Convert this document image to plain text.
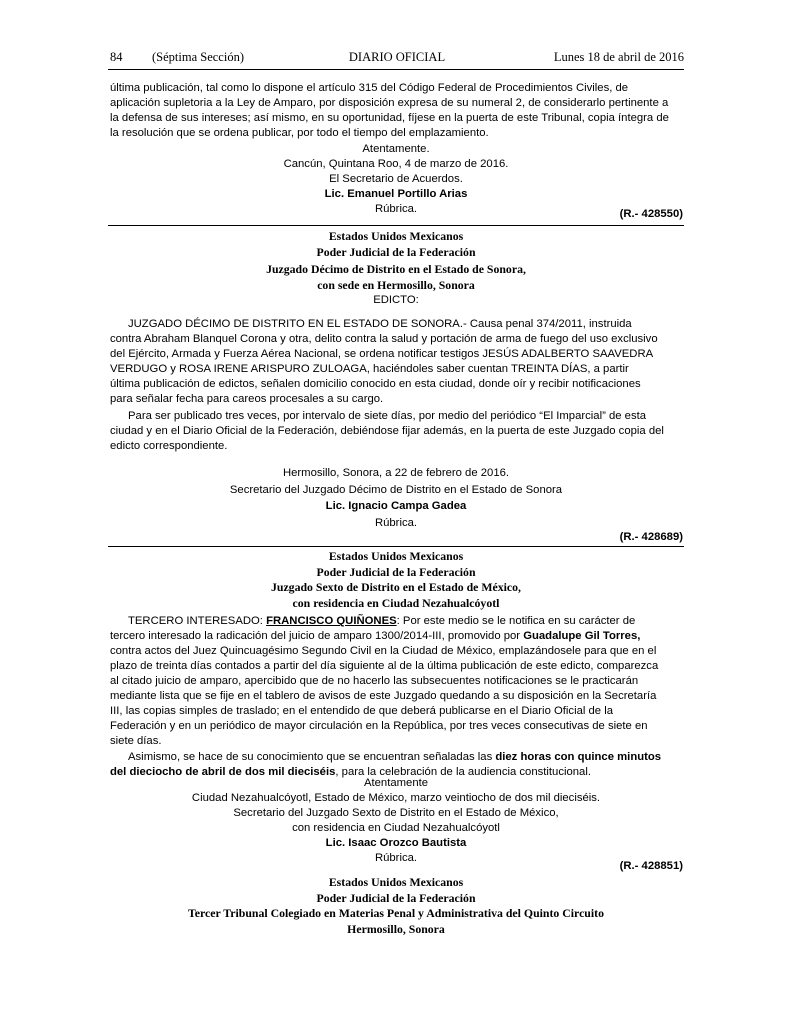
84 (Séptima Sección)	DIARIO OFICIAL	Lunes 18 de abril de 2016

última publicación, tal como lo dispone el artículo 315 del Código Federal de Procedimientos Civiles, de

aplicación supletoria a la Ley de Amparo, por disposición expresa de su numeral 2, de considerarlo pertinente a

la defensa de sus intereses; así mismo, en su oportunidad, fíjese en la puerta de este Tribunal, copia íntegra de

la resolución que se ordena publicar, por todo el tiempo del emplazamiento.

Atentamente.
Cancún, Quintana Roo, 4 de marzo de 2016.
El Secretario de Acuerdos.
Lic. Emanuel Portillo Arias
Rúbrica.	(R.- 428550)
Estados Unidos Mexicanos
Poder Judicial de la Federación
Juzgado Décimo de Distrito en el Estado de Sonora,
con sede en Hermosillo, Sonora
EDICTO:

JUZGADO DÉCIMO DE DISTRITO EN EL ESTADO DE SONORA.- Causa penal 374/2011, instruida

contra Abraham Blanquel Corona y otra, delito contra la salud y portación de arma de fuego del uso exclusivo

del Ejército, Armada y Fuerza Aérea Nacional, se ordena notificar testigos JESÚS ADALBERTO SAAVEDRA

VERDUGO y ROSA IRENE ARISPURO ZULOAGA, haciéndoles saber cuentan TREINTA DÍAS, a partir

última publicación de edictos, señalen domicilio conocido en esta ciudad, donde oír y recibir notificaciones

para señalar fecha para careos procesales a su cargo.

Para ser publicado tres veces, por intervalo de siete días, por medio del periódico “El Imparcial” de esta

ciudad y en el Diario Oficial de la Federación, debiéndose fijar además, en la puerta de este Juzgado copia del

edicto correspondiente.

Hermosillo, Sonora, a 22 de febrero de 2016.
Secretario del Juzgado Décimo de Distrito en el Estado de Sonora
Lic. Ignacio Campa Gadea
Rúbrica.
(R.- 428689)
Estados Unidos Mexicanos
Poder Judicial de la Federación
Juzgado Sexto de Distrito en el Estado de México,
con residencia en Ciudad Nezahualcóyotl

TERCERO INTERESADO: FRANCISCO QUIÑONES: Por este medio se le notifica en su carácter de

tercero interesado la radicación del juicio de amparo 1300/2014-III, promovido por Guadalupe Gil Torres,

contra actos del Juez Quincuagésimo Segundo Civil en la Ciudad de México, emplazándosele para que en el

plazo de treinta días contados a partir del día siguiente al de la última publicación de este edicto, comparezca

al citado juicio de amparo, apercibido que de no hacerlo las subsecuentes notificaciones se le practicarán

mediante lista que se fije en el tablero de avisos de este Juzgado quedando a su disposición en la Secretaría

III, las copias simples de traslado; en el entendido de que deberá publicarse en el Diario Oficial de la

Federación y en un periódico de mayor circulación en la República, por tres veces consecutivas de siete en

siete días.

Asimismo, se hace de su conocimiento que se encuentran señaladas las diez horas con quince minutos

del dieciocho de abril de dos mil dieciséis, para la celebración de la audiencia constitucional.

Atentamente
Ciudad Nezahualcóyotl, Estado de México, marzo veintiocho de dos mil dieciséis.
Secretario del Juzgado Sexto de Distrito en el Estado de México,
con residencia en Ciudad Nezahualcóyotl
Lic. Isaac Orozco Bautista
Rúbrica.
(R.- 428851)
Estados Unidos Mexicanos
Poder Judicial de la Federación
Tercer Tribunal Colegiado en Materias Penal y Administrativa del Quinto Circuito
Hermosillo, Sonora
